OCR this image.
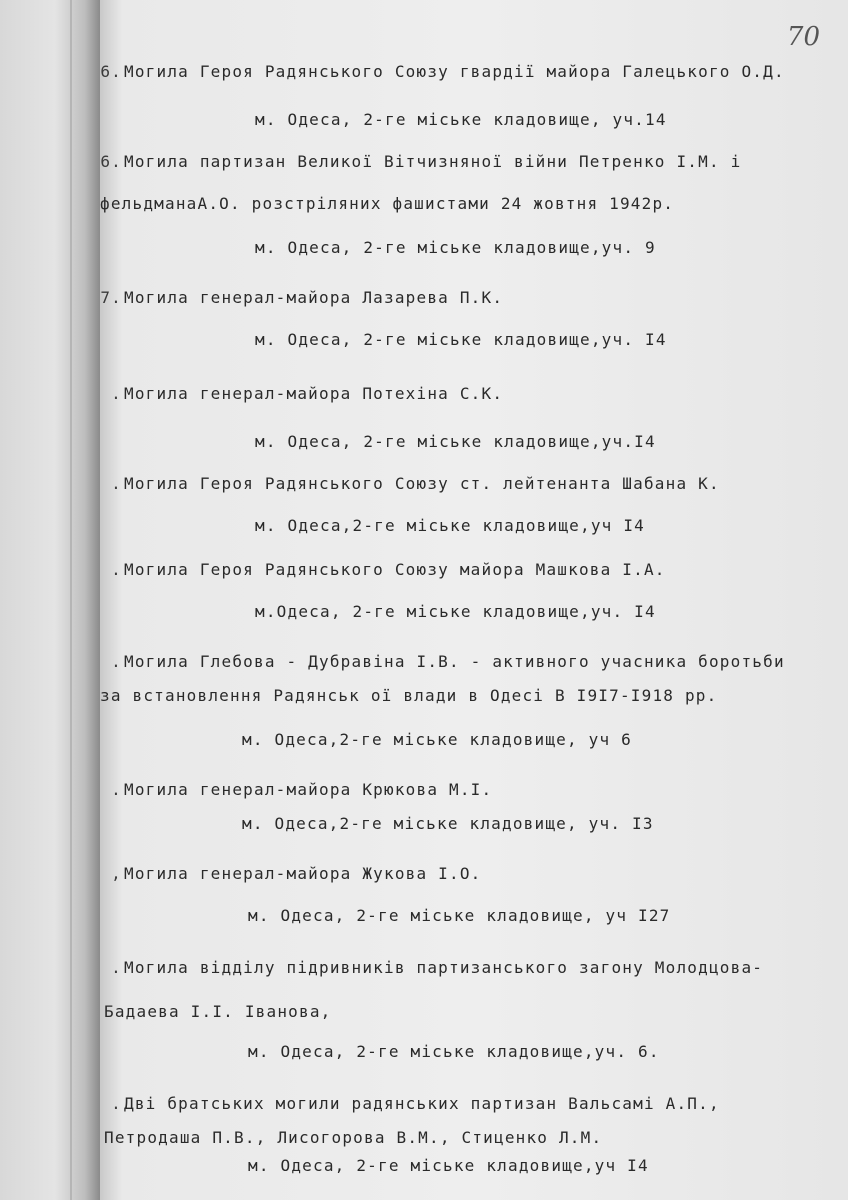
70
6. Могила Героя Радянського Союзу гвардії майора Галецького О.Д.
м. Одеса, 2-ге міське кладовище, уч.14
6. Могила партизан Великої Вітчизняної війни Петренко І.М. і
фельдманаА.О. розстріляних фашистами 24 жовтня 1942р.
м. Одеса, 2-ге міське кладовище,уч. 9
7. Могила генерал-майора Лазарева П.К.
м. Одеса, 2-ге міське кладовище,уч. І4
. Могила генерал-майора Потехіна С.К.
м. Одеса, 2-ге міське кладовище,уч.І4
. Могила Героя Радянського Союзу ст. лейтенанта Шабана К.
м. Одеса,2-ге міське кладовище,уч І4
. Могила Героя Радянського Союзу майора Машкова І.А.
м.Одеса, 2-ге міське кладовище,уч. І4
. Могила Глебова - Дубравіна І.В. - активного учасника боротьби
за встановлення Радянськ ої влади в Одесі В І9І7-І918 рр.
м. Одеса,2-ге міське кладовище, уч 6
. Могила генерал-майора Крюкова М.І.
м. Одеса,2-ге міське кладовище, уч. І3
, Могила генерал-майора Жукова І.О.
м. Одеса, 2-ге міське кладовище, уч І27
. Могила відділу підривників партизанського загону Молодцова-
Бадаева І.І. Іванова,
м. Одеса, 2-ге міське кладовище,уч. 6.
. Дві братських могили радянських партизан Вальсамі А.П.,
Петродаша П.В., Лисогорова В.М., Стиценко Л.М.
м. Одеса, 2-ге міське кладовище,уч І4
